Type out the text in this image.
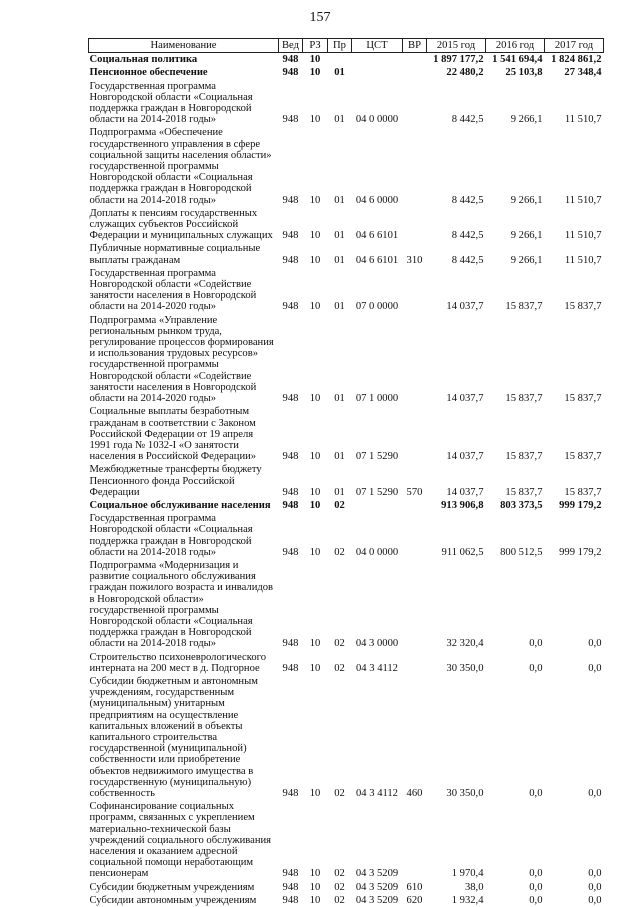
157
Наименование	Вед	РЗ	Пр	ЦСТ	ВР	2015 год	2016 год	2017 год
Социальная политика	948	10				1 897 177,2	1 541 694,4	1 824 861,2
Пенсионное обеспечение	948	10	01			22 480,2	25 103,8	27 348,4
Государственная программа Новгородской области «Социальная поддержка граждан в Новгородской области на 2014-2018 годы»	948	10	01	04 0 0000		8 442,5	9 266,1	11 510,7
Подпрограмма «Обеспечение государственного управления в сфере социальной защиты населения области» государственной программы Новгородской области «Социальная поддержка граждан в Новгородской области на 2014-2018 годы»	948	10	01	04 6 0000		8 442,5	9 266,1	11 510,7
Доплаты к пенсиям государственных служащих субъектов Российской Федерации и муниципальных служащих	948	10	01	04 6 6101		8 442,5	9 266,1	11 510,7
Публичные нормативные социальные выплаты гражданам	948	10	01	04 6 6101	310	8 442,5	9 266,1	11 510,7
Государственная программа Новгородской области «Содействие занятости населения в Новгородской области на 2014-2020 годы»	948	10	01	07 0 0000		14 037,7	15 837,7	15 837,7
Подпрограмма «Управление региональным рынком труда, регулирование процессов формирования и использования трудовых ресурсов» государственной программы Новгородской области «Содействие занятости населения в Новгородской области на 2014-2020 годы»	948	10	01	07 1 0000		14 037,7	15 837,7	15 837,7
Социальные выплаты безработным гражданам в соответствии с Законом Российской Федерации от 19 апреля 1991 года № 1032-I «О занятости населения в Российской Федерации»	948	10	01	07 1 5290		14 037,7	15 837,7	15 837,7
Межбюджетные трансферты бюджету Пенсионного фонда Российской Федерации	948	10	01	07 1 5290	570	14 037,7	15 837,7	15 837,7
Социальное обслуживание населения	948	10	02			913 906,8	803 373,5	999 179,2
Государственная программа Новгородской области «Социальная поддержка граждан в Новгородской области на 2014-2018 годы»	948	10	02	04 0 0000		911 062,5	800 512,5	999 179,2
Подпрограмма «Модернизация и развитие социального обслуживания граждан пожилого возраста и инвалидов в Новгородской области» государственной программы Новгородской области «Социальная поддержка граждан в Новгородской области на 2014-2018 годы»	948	10	02	04 3 0000		32 320,4	0,0	0,0
Строительство психоневрологического интерната на 200 мест в д. Подгорное	948	10	02	04 3 4112		30 350,0	0,0	0,0
Субсидии бюджетным и автономным учреждениям, государственным (муниципальным) унитарным предприятиям на осуществление капитальных вложений в объекты капитального строительства государственной (муниципальной) собственности или приобретение объектов недвижимого имущества в государственную (муниципальную) собственность	948	10	02	04 3 4112	460	30 350,0	0,0	0,0
Софинансирование социальных программ, связанных с укреплением материально-технической базы учреждений социального обслуживания населения и оказанием адресной социальной помощи неработающим пенсионерам	948	10	02	04 3 5209		1 970,4	0,0	0,0
Субсидии бюджетным учреждениям	948	10	02	04 3 5209	610	38,0	0,0	0,0
Субсидии автономным учреждениям	948	10	02	04 3 5209	620	1 932,4	0,0	0,0
